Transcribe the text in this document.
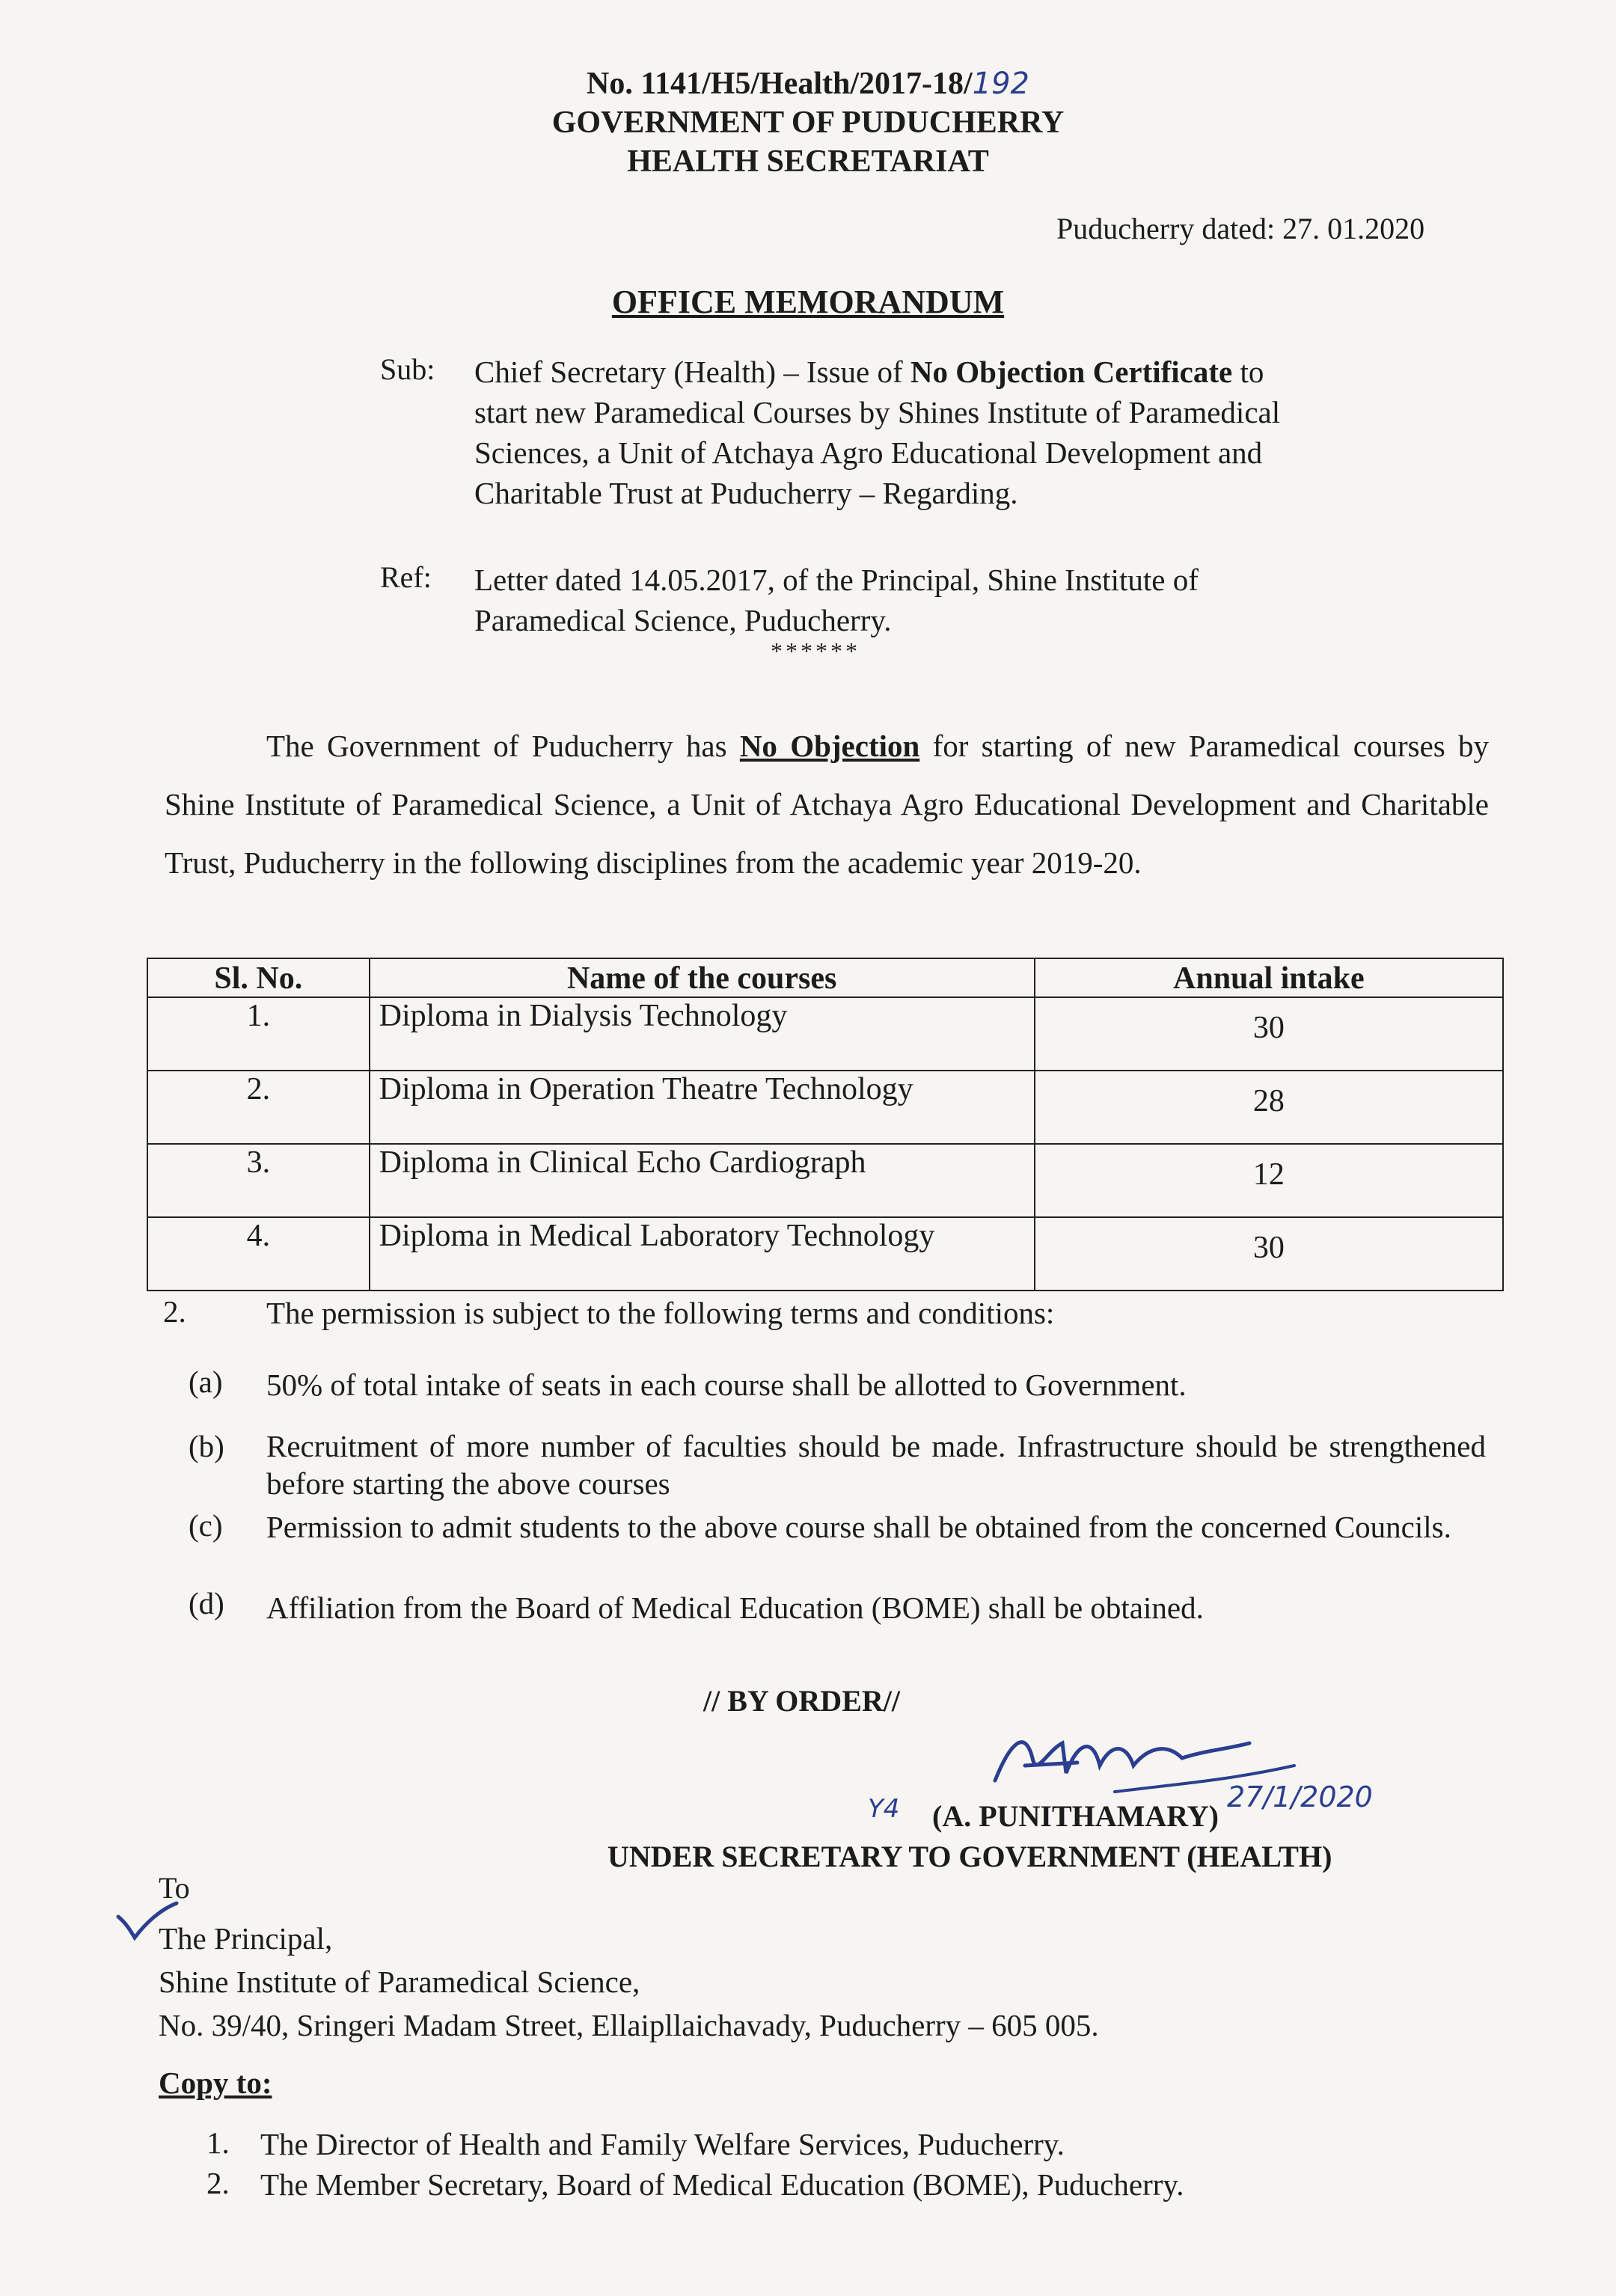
No. 1141/H5/Health/2017-18/192
GOVERNMENT OF PUDUCHERRY
HEALTH SECRETARIAT
Puducherry dated: 27. 01.2020
OFFICE MEMORANDUM
Sub: Chief Secretary (Health) – Issue of No Objection Certificate to
start new Paramedical Courses by Shines Institute of Paramedical
Sciences, a Unit of Atchaya Agro Educational Development and
Charitable Trust at Puducherry – Regarding.
Ref: Letter dated 14.05.2017, of the Principal, Shine Institute of
Paramedical Science, Puducherry.
******
The Government of Puducherry has No Objection for starting of new Paramedical courses by Shine Institute of Paramedical Science, a Unit of Atchaya Agro Educational Development and Charitable Trust, Puducherry in the following disciplines from the academic year 2019-20.
Sl. No.	Name of the courses	Annual intake
1.	Diploma in Dialysis Technology	30
2.	Diploma in Operation Theatre Technology	28
3.	Diploma in Clinical Echo Cardiograph	12
4.	Diploma in Medical Laboratory Technology	30
2.	The permission is subject to the following terms and conditions:
(a) 50% of total intake of seats in each course shall be allotted to Government.
(b) Recruitment of more number of faculties should be made. Infrastructure should be strengthened before starting the above courses
(c) Permission to admit students to the above course shall be obtained from the concerned Councils.
(d) Affiliation from the Board of Medical Education (BOME) shall be obtained.
// BY ORDER//
27/1/2020
Y4 (A. PUNITHAMARY)
UNDER SECRETARY TO GOVERNMENT (HEALTH)
To
The Principal,
Shine Institute of Paramedical Science,
No. 39/40, Sringeri Madam Street, Ellaipllaichavady, Puducherry – 605 005.
Copy to:
1. The Director of Health and Family Welfare Services, Puducherry.
2. The Member Secretary, Board of Medical Education (BOME), Puducherry.
